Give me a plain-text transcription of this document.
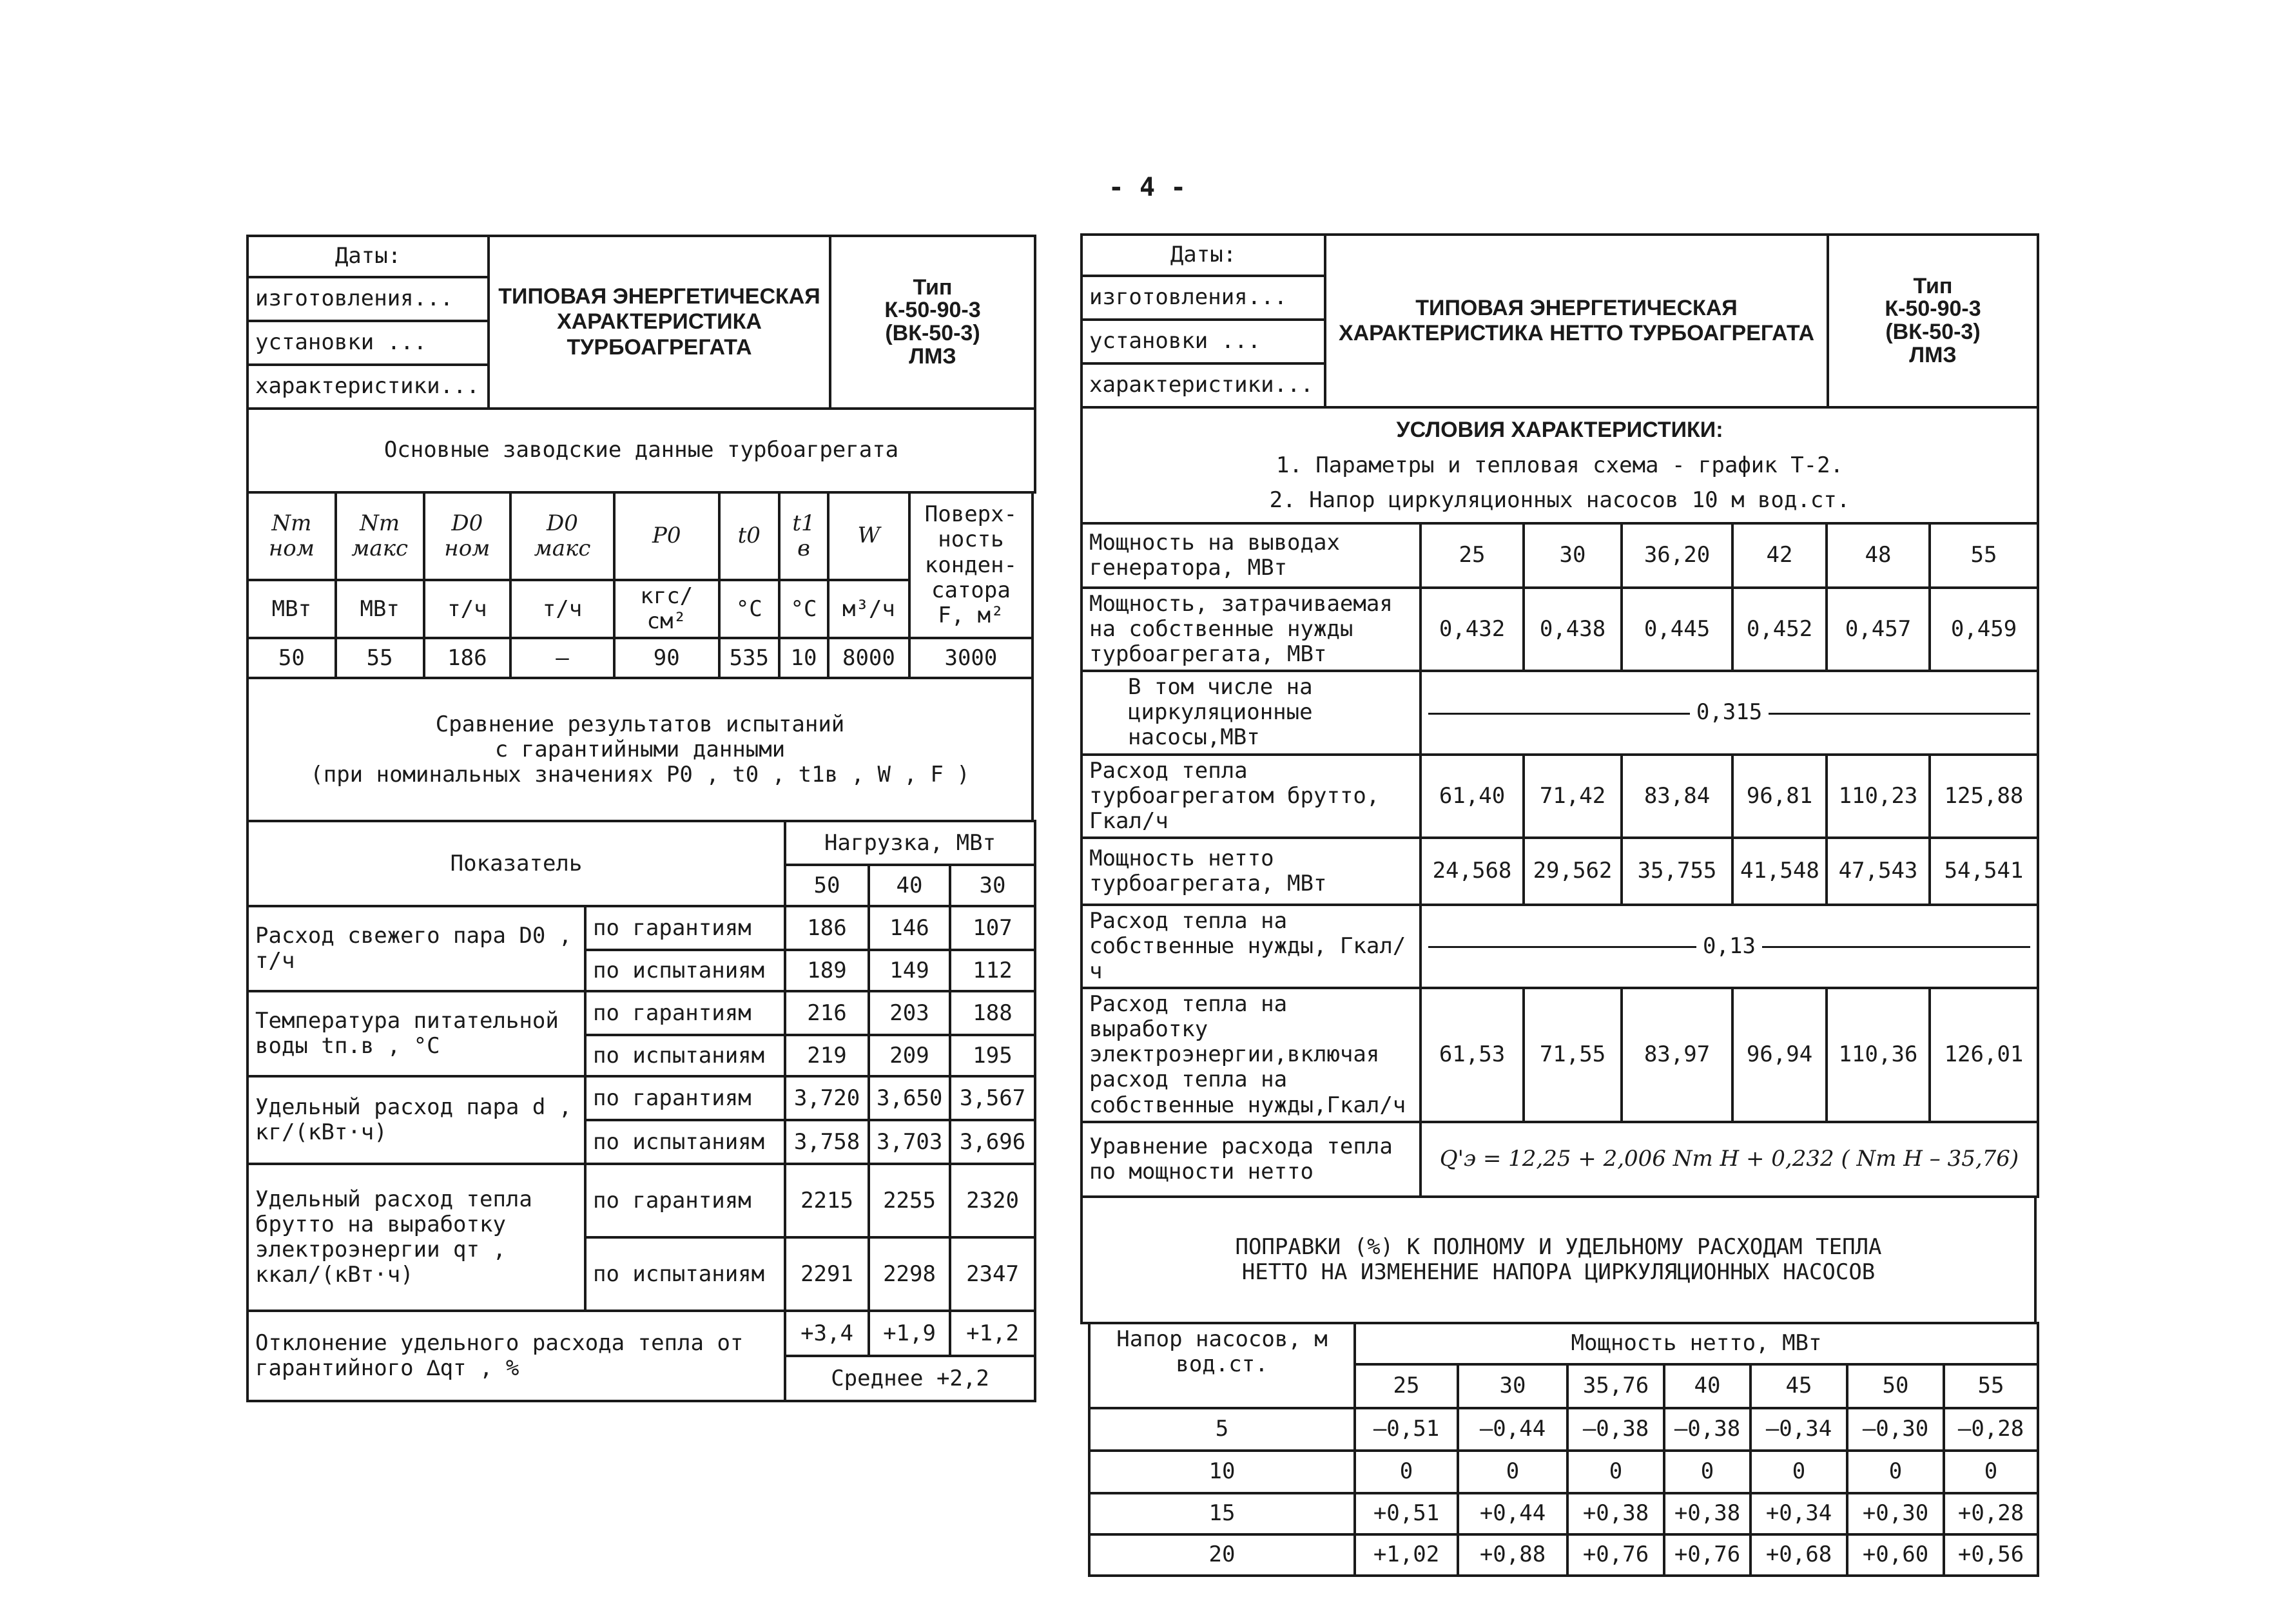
- 4 -
Даты:
изготовления...
установки ...
характеристики...

ТИПОВАЯ ЭНЕРГЕТИЧЕСКАЯ
ХАРАКТЕРИСТИКА
ТУРБОАГРЕГАТА

Тип
К-50-90-3
(ВК-50-3)
ЛМЗ

Основные заводские данные турбоагрегата
Nт ном	Nт макс	D0 ном	D0 макс	P0	t0	t1 в	W	Поверх-ность конден-сатора F, м²
МВт	МВт	т/ч	т/ч	кгс/см²	°С	°С	м³/ч	
50	55	186	–	90	535	10	8000	3000
Сравнение результатов испытаний
с гарантийными данными
(при номинальных значениях P0 , t0 , t1в , W , F )
Показатель		Нагрузка, МВт		
		50	40	30
Расход свежего пара D0 , т/ч	по гарантиям	186	146	107
	по испытаниям	189	149	112
Температура питательной воды tп.в , °С	по гарантиям	216	203	188
	по испытаниям	219	209	195
Удельный расход пара d , кг/(кВт·ч)	по гарантиям	3,720	3,650	3,567
	по испытаниям	3,758	3,703	3,696
Удельный расход тепла брутто на выработку электроэнергии qт , ккал/(кВт·ч)	по гарантиям	2215	2255	2320
	по испытаниям	2291	2298	2347
Отклонение удельного расхода тепла от гарантийного ∆qт , %		+3,4	+1,9	+1,2
		Среднее +2,2		
Даты:
изготовления...
установки ...
характеристики...

ТИПОВАЯ ЭНЕРГЕТИЧЕСКАЯ
ХАРАКТЕРИСТИКА НЕТТО ТУРБОАГРЕГАТА

Тип
К-50-90-3
(ВК-50-3)
ЛМЗ

УСЛОВИЯ ХАРАКТЕРИСТИКИ:
1. Параметры и тепловая схема - график Т-2.
2. Напор циркуляционных насосов 10 м вод.ст.
Мощность на выводах генератора, МВт	25	30	36,20	42	48	55
Мощность, затрачиваемая на собственные нужды турбоагрегата, МВт	0,432	0,438	0,445	0,452	0,457	0,459
В том числе на циркуляционные насосы,МВт	0,315					

Расход тепла турбоагрегатом брутто, Гкал/ч	61,40	71,42	83,84	96,81	110,23	125,88
Мощность нетто турбоагрегата, МВт	24,568	29,562	35,755	41,548	47,543	54,541
Расход тепла на собственные нужды, Гкал/ч	0,13					

Расход тепла на выработку электроэнергии,включая расход тепла на собственные нужды,Гкал/ч	61,53	71,55	83,97	96,94	110,36	126,01
Уравнение расхода тепла по мощности нетто	Q'э = 12,25 + 2,006 Nт Н + 0,232 ( Nт Н – 35,76)					
ПОПРАВКИ (%) К ПОЛНОМУ И УДЕЛЬНОМУ РАСХОДАМ ТЕПЛА
НЕТТО НА ИЗМЕНЕНИЕ НАПОРА ЦИРКУЛЯЦИОННЫХ НАСОСОВ
Напор насосов, м вод.ст.	Мощность нетто, МВт						
	25	30	35,76	40	45	50	55
5	–0,51	–0,44	–0,38	–0,38	–0,34	–0,30	–0,28
10	0	0	0	0	0	0	0
15	+0,51	+0,44	+0,38	+0,38	+0,34	+0,30	+0,28
20	+1,02	+0,88	+0,76	+0,76	+0,68	+0,60	+0,56
